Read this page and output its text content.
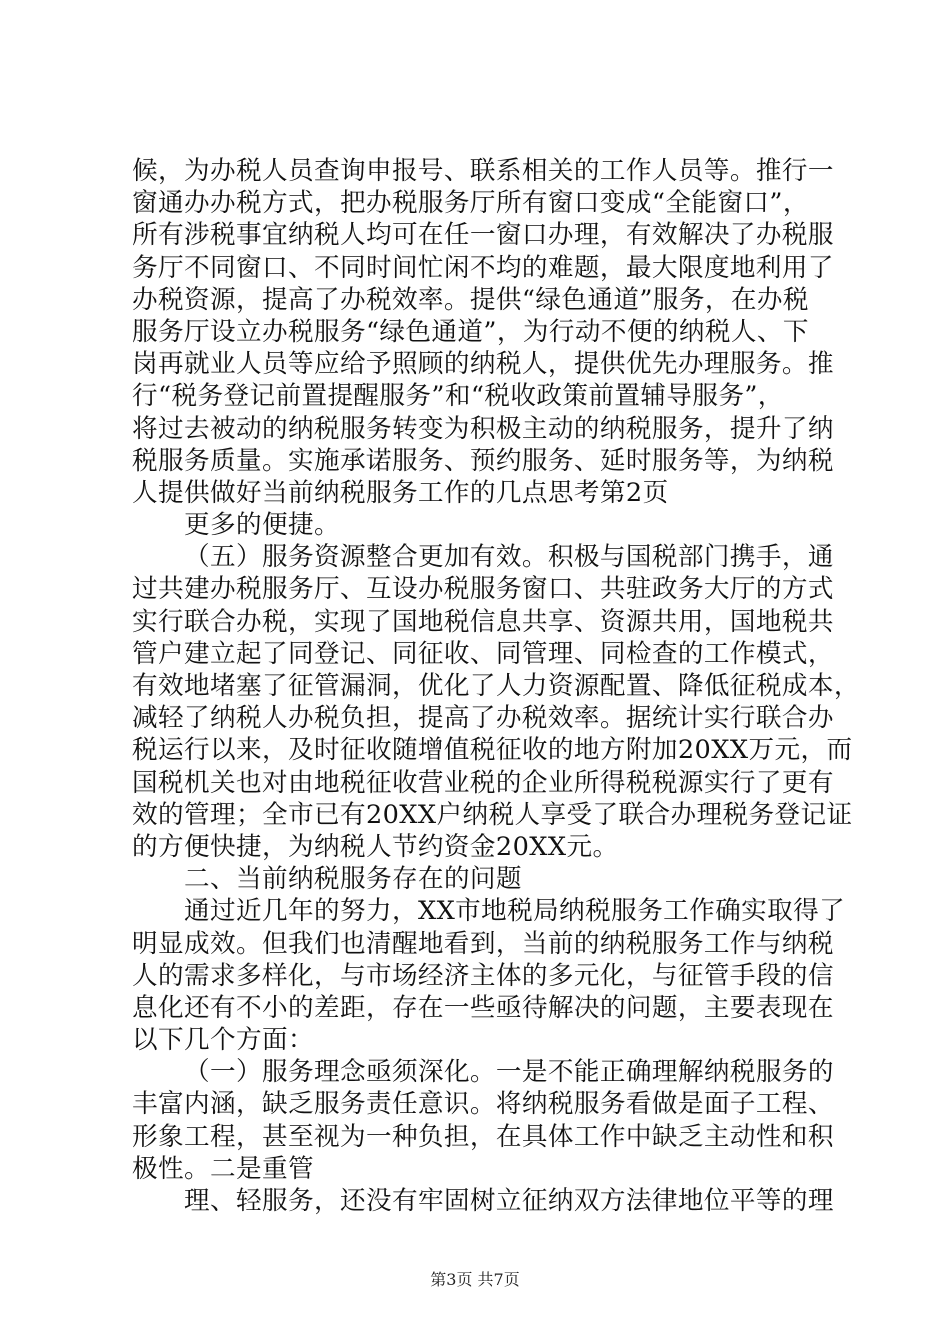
候，为办税人员查询申报号、联系相关的工作人员等。推行一
窗通办办税方式，把办税服务厅所有窗口变成“全能窗口”，
所有涉税事宜纳税人均可在任一窗口办理，有效解决了办税服
务厅不同窗口、不同时间忙闲不均的难题，最大限度地利用了
办税资源，提高了办税效率。提供“绿色通道”服务，在办税
服务厅设立办税服务“绿色通道”，为行动不便的纳税人、下
岗再就业人员等应给予照顾的纳税人，提供优先办理服务。推
行“税务登记前置提醒服务”和“税收政策前置辅导服务”，
将过去被动的纳税服务转变为积极主动的纳税服务，提升了纳
税服务质量。实施承诺服务、预约服务、延时服务等，为纳税
人提供做好当前纳税服务工作的几点思考第2页
更多的便捷。
（五）服务资源整合更加有效。积极与国税部门携手，通
过共建办税服务厅、互设办税服务窗口、共驻政务大厅的方式
实行联合办税，实现了国地税信息共享、资源共用，国地税共
管户建立起了同登记、同征收、同管理、同检查的工作模式，
有效地堵塞了征管漏洞，优化了人力资源配置、降低征税成本，
减轻了纳税人办税负担，提高了办税效率。据统计实行联合办
税运行以来，及时征收随增值税征收的地方附加20XX万元，而
国税机关也对由地税征收营业税的企业所得税税源实行了更有
效的管理；全市已有20XX户纳税人享受了联合办理税务登记证
的方便快捷，为纳税人节约资金20XX元。
二、当前纳税服务存在的问题
通过近几年的努力，XX市地税局纳税服务工作确实取得了
明显成效。但我们也清醒地看到，当前的纳税服务工作与纳税
人的需求多样化，与市场经济主体的多元化，与征管手段的信
息化还有不小的差距，存在一些亟待解决的问题，主要表现在
以下几个方面：
（一）服务理念亟须深化。一是不能正确理解纳税服务的
丰富内涵，缺乏服务责任意识。将纳税服务看做是面子工程、
形象工程，甚至视为一种负担，在具体工作中缺乏主动性和积
极性。二是重管
理、轻服务，还没有牢固树立征纳双方法律地位平等的理
第3页 共7页
